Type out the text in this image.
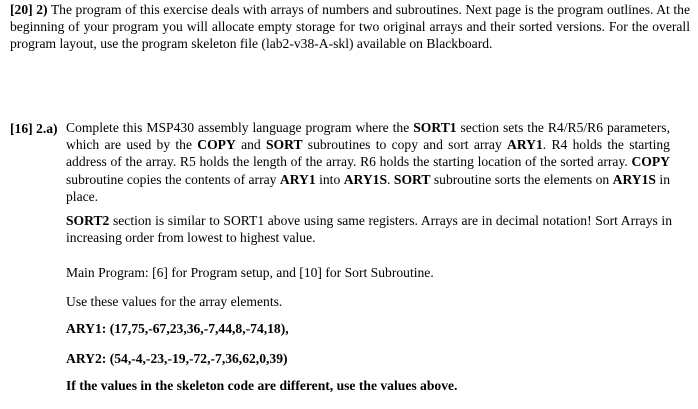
[20] 2) The program of this exercise deals with arrays of numbers and subroutines. Next page is the program outlines. At the beginning of your program you will allocate empty storage for two original arrays and their sorted versions. For the overall program layout, use the program skeleton file (lab2-v38-A-skl) available on Blackboard.

[16] 2.a) Complete this MSP430 assembly language program where the SORT1 section sets the R4/R5/R6 parameters, which are used by the COPY and SORT subroutines to copy and sort array ARY1. R4 holds the starting address of the array. R5 holds the length of the array. R6 holds the starting location of the sorted array. COPY subroutine copies the contents of array ARY1 into ARY1S. SORT subroutine sorts the elements on ARY1S in place.

SORT2 section is similar to SORT1 above using same registers. Arrays are in decimal notation! Sort Arrays in increasing order from lowest to highest value.

Main Program: [6] for Program setup, and [10] for Sort Subroutine.

Use these values for the array elements.

ARY1: (17,75,-67,23,36,-7,44,8,-74,18),

ARY2: (54,-4,-23,-19,-72,-7,36,62,0,39)

If the values in the skeleton code are different, use the values above.
